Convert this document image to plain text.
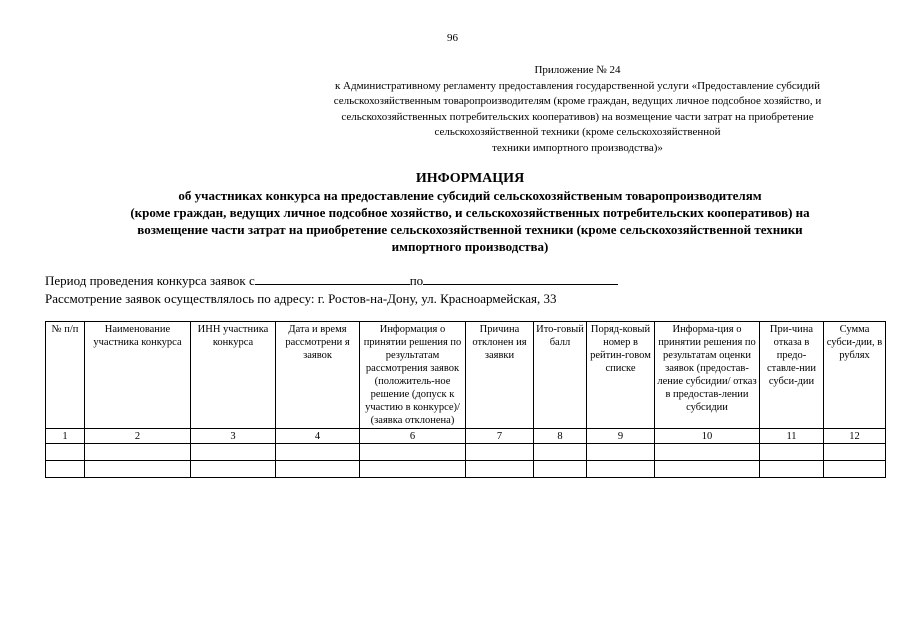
96
Приложение № 24
к Административному регламенту предоставления государственной услуги «Предоставление субсидий
сельскохозяйственным товаропроизводителям (кроме граждан, ведущих личное подсобное хозяйство, и
сельскохозяйственных потребительских кооперативов) на возмещение части затрат на приобретение
сельскохозяйственной техники (кроме сельскохозяйственной
техники импортного производства)»
ИНФОРМАЦИЯ
об участниках конкурса на предоставление субсидий сельскохозяйственым товаропроизводителям
(кроме граждан, ведущих личное подсобное хозяйство, и сельскохозяйственных потребительских кооперативов) на
возмещение части затрат на приобретение сельскохозяйственной техники (кроме сельскохозяйственной техники
импортного производства)
Период проведения конкурса заявок с	по
Рассмотрение заявок осуществлялось по адресу: г. Ростов-на-Дону, ул. Красноармейская, 33
№ п/п	Наименование участника конкурса	ИНН участника конкурса	Дата и время рассмотрени я заявок	Информация о принятии решения по результатам рассмотрения заявок (положитель-ное решение (допуск к участию в конкурсе)/ (заявка отклонена)	Причина отклонен ия заявки	Ито-говый балл	Поряд-ковый номер в рейтин-говом списке	Информа-ция о принятии решения по результатам оценки заявок (предостав-ление субсидии/ отказ в предостав-лении субсидии	При-чина отказа в предо-ставле-нии субси-дии	Сумма субси-дии, в рублях
1	2	3	4	6	7	8	9	10	11	12
